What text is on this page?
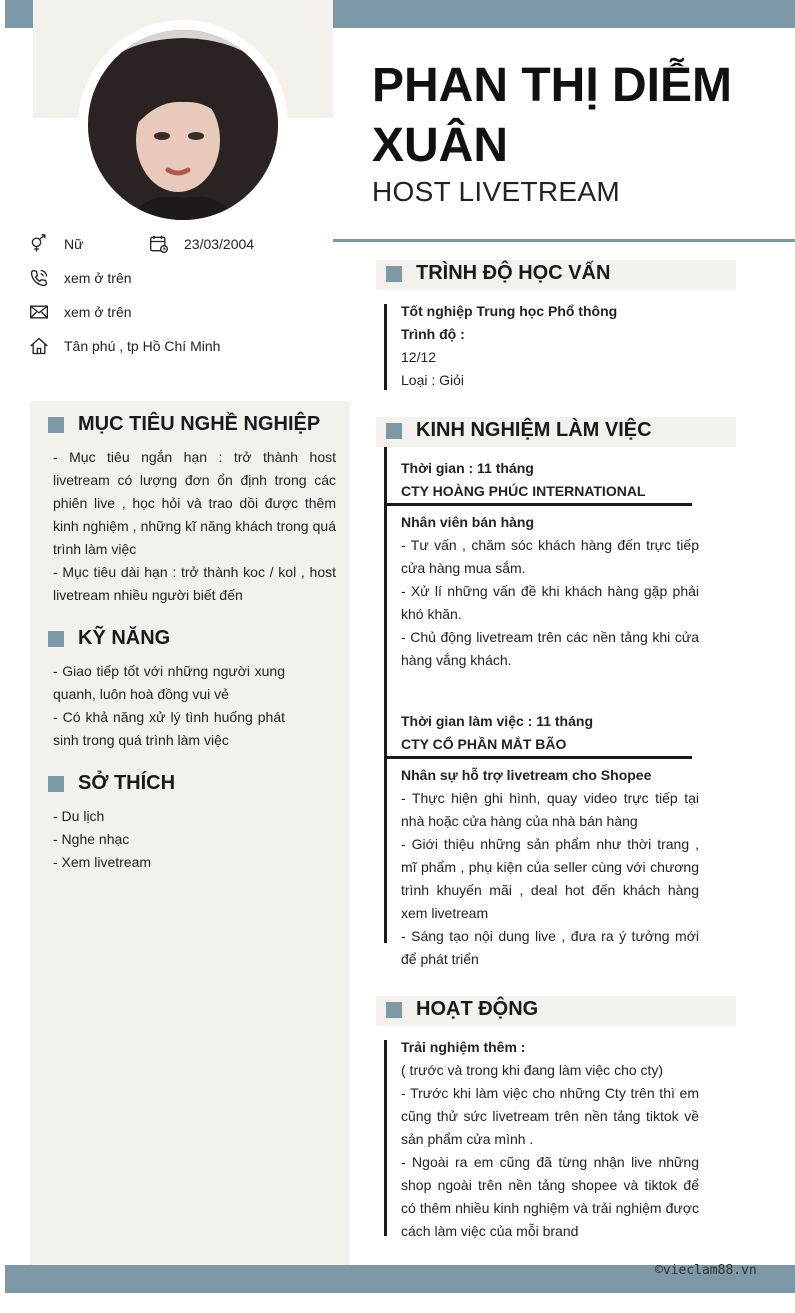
PHAN THỊ DIỄM XUÂN
HOST LIVETREAM
Nữ	23/03/2004
xem ở trên
xem ở trên
Tân phú , tp Hồ Chí Minh
MỤC TIÊU NGHỀ NGHIỆP
- Mục tiêu ngắn hạn : trở thành host livetream có lượng đơn ổn định trong các phiên live , học hỏi và trao dồi được thêm kinh nghiệm , những kĩ năng khách trong quá trình làm việc
- Mục tiêu dài hạn : trở thành koc / kol , host livetream nhiều người biết đến
KỸ NĂNG
- Giao tiếp tốt với những người xung quanh, luôn hoà đồng vui vẻ
- Có khả năng xử lý tình huống phát sinh trong quá trình làm việc
SỞ THÍCH
- Du lịch
- Nghe nhạc
- Xem livetream
TRÌNH ĐỘ HỌC VẤN
Tốt nghiệp Trung học Phổ thông
Trình độ :
12/12
Loại : Giỏi
KINH NGHIỆM LÀM VIỆC
Thời gian : 11 tháng
CTY HOÀNG PHÚC INTERNATIONAL
Nhân viên bán hàng
- Tư vấn , chăm sóc khách hàng đến trực tiếp cửa hàng mua sắm.
- Xử lí những vấn đề khi khách hàng gặp phải khó khăn.
- Chủ động livetream trên các nền tảng khi cửa hàng vắng khách.
Thời gian làm việc : 11 tháng
CTY CỔ PHẦN MẮT BÃO
Nhân sự hỗ trợ livetream cho Shopee
- Thực hiện ghi hình, quay video trực tiếp tại nhà hoặc cửa hàng của nhà bán hàng
- Giới thiệu những sản phẩm như thời trang , mĩ phẩm , phụ kiện của seller cùng với chương trình khuyến mãi , deal hot đến khách hàng xem livetream
- Sáng tạo nội dung live , đưa ra ý tưởng mới để phát triển
HOẠT ĐỘNG
Trải nghiệm thêm :
( trước và trong khi đang làm việc cho cty)
- Trước khi làm việc cho những Cty trên thì em cũng thử sức livetream trên nền tảng tiktok về sản phẩm cửa mình .
- Ngoài ra em cũng đã từng nhận live những shop ngoài trên nền tảng shopee và tiktok để có thêm nhiều kinh nghiệm và trải nghiệm được cách làm việc của mỗi brand
©vieclam88.vn
